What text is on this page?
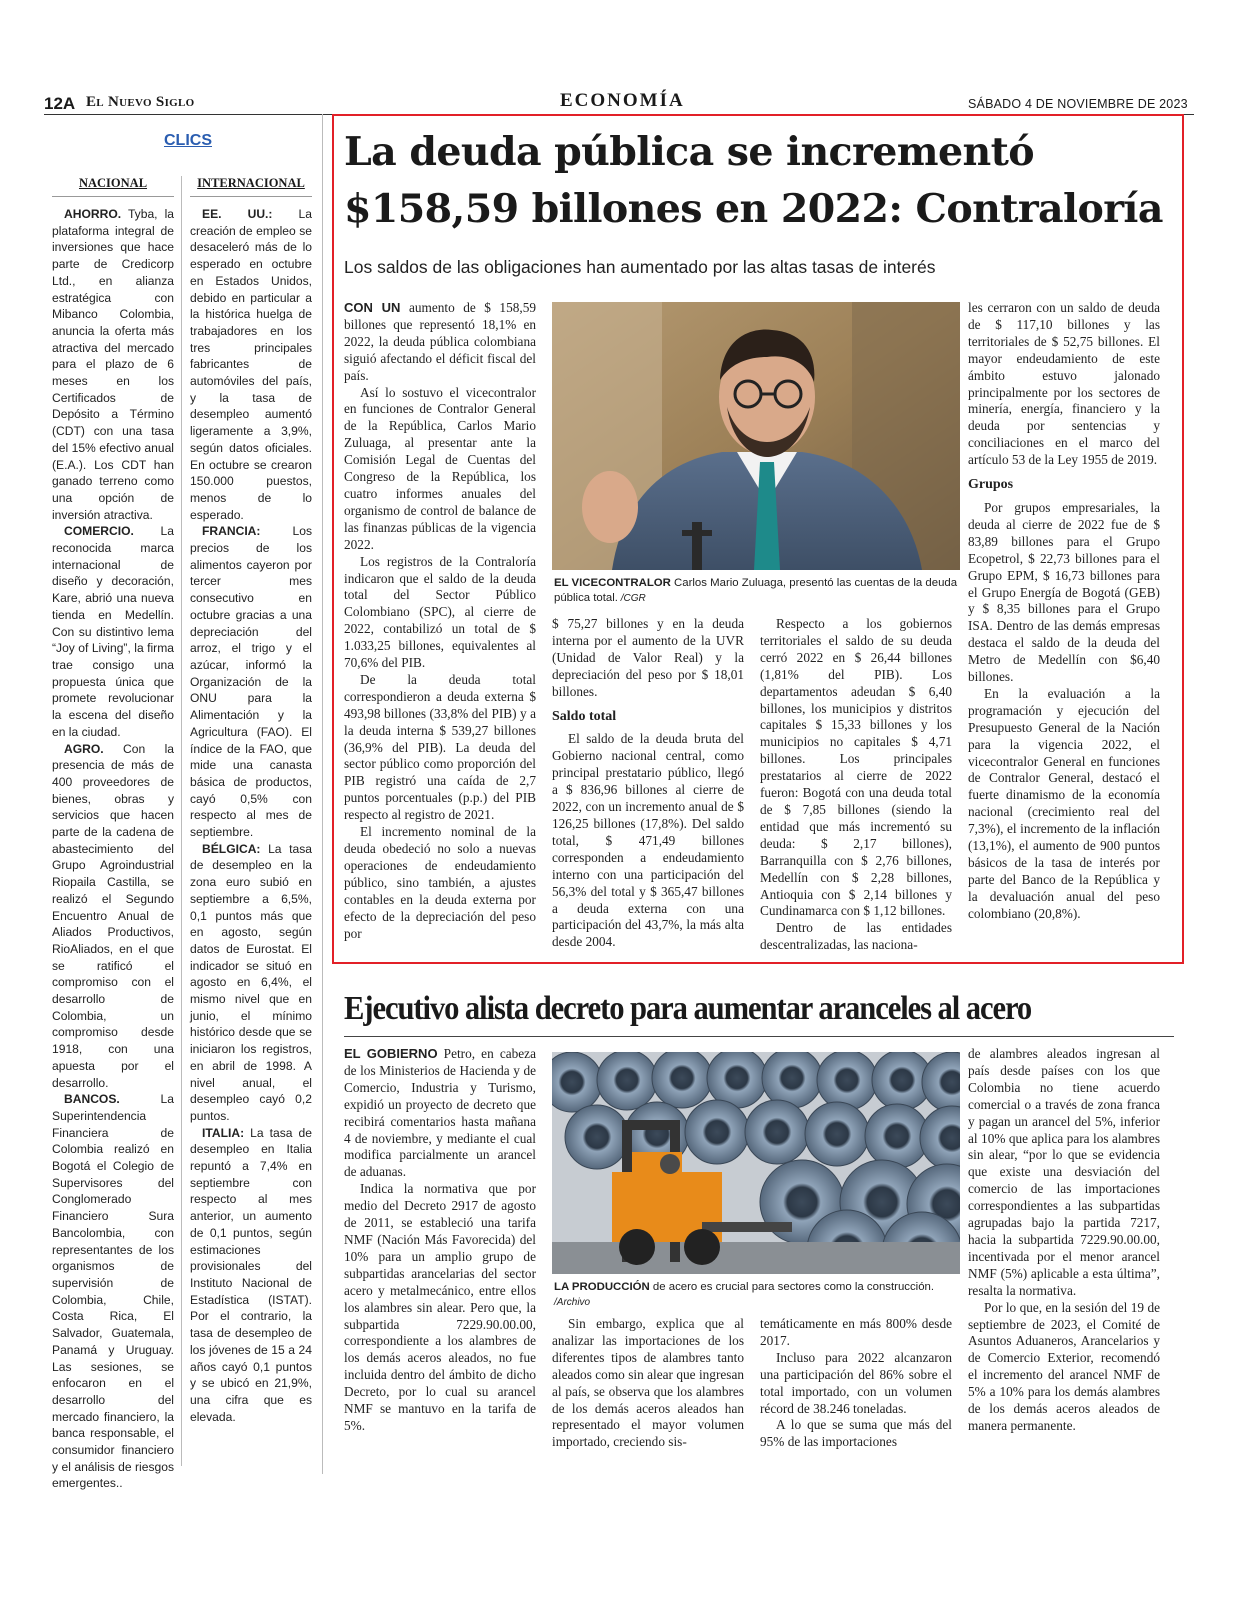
12A El Nuevo Siglo	ECONOMÍA	SÁBADO 4 DE NOVIEMBRE DE 2023
CLICS
NACIONAL	INTERNACIONAL

AHORRO. Tyba, la plataforma integral de inversiones que hace parte de Credicorp Ltd., en alianza estratégica con Mibanco Colombia, anuncia la oferta más atractiva del mercado para el plazo de 6 meses en los Certificados de Depósito a Término (CDT) con una tasa del 15% efectivo anual (E.A.). Los CDT han ganado terreno como una opción de inversión atractiva.

COMERCIO. La reconocida marca internacional de diseño y decoración, Kare, abrió una nueva tienda en Medellín. Con su distintivo lema “Joy of Living”, la firma trae consigo una propuesta única que promete revolucionar la escena del diseño en la ciudad.

AGRO. Con la presencia de más de 400 proveedores de bienes, obras y servicios que hacen parte de la cadena de abastecimiento del Grupo Agroindustrial Riopaila Castilla, se realizó el Segundo Encuentro Anual de Aliados Productivos, RioAliados, en el que se ratificó el compromiso con el desarrollo de Colombia, un compromiso desde 1918, con una apuesta por el desarrollo.

BANCOS. La Superintendencia Financiera de Colombia realizó en Bogotá el Colegio de Supervisores del Conglomerado Financiero Sura Bancolombia, con representantes de los organismos de supervisión de Colombia, Chile, Costa Rica, El Salvador, Guatemala, Panamá y Uruguay. Las sesiones, se enfocaron en el desarrollo del mercado financiero, la banca responsable, el consumidor financiero y el análisis de riesgos emergentes..

EE. UU.: La creación de empleo se desaceleró más de lo esperado en octubre en Estados Unidos, debido en particular a la histórica huelga de trabajadores en los tres principales fabricantes de automóviles del país, y la tasa de desempleo aumentó ligeramente a 3,9%, según datos oficiales. En octubre se crearon 150.000 puestos, menos de lo esperado.

FRANCIA: Los precios de los alimentos cayeron por tercer mes consecutivo en octubre gracias a una depreciación del arroz, el trigo y el azúcar, informó la Organización de la ONU para la Alimentación y la Agricultura (FAO). El índice de la FAO, que mide una canasta básica de productos, cayó 0,5% con respecto al mes de septiembre.

BÉLGICA: La tasa de desempleo en la zona euro subió en septiembre a 6,5%, 0,1 puntos más que en agosto, según datos de Eurostat. El indicador se situó en agosto en 6,4%, el mismo nivel que en junio, el mínimo histórico desde que se iniciaron los registros, en abril de 1998. A nivel anual, el desempleo cayó 0,2 puntos.

ITALIA: La tasa de desempleo en Italia repuntó a 7,4% en septiembre con respecto al mes anterior, un aumento de 0,1 puntos, según estimaciones provisionales del Instituto Nacional de Estadística (ISTAT). Por el contrario, la tasa de desempleo de los jóvenes de 15 a 24 años cayó 0,1 puntos y se ubicó en 21,9%, una cifra que es elevada.

La deuda pública se incrementó
$158,59 billones en 2022: Contraloría
Los saldos de las obligaciones han aumentado por las altas tasas de interés

CON UN aumento de $ 158,59 billones que representó 18,1% en 2022, la deuda pública colombiana siguió afectando el déficit fiscal del país.

Así lo sostuvo el vicecontralor en funciones de Contralor General de la República, Carlos Mario Zuluaga, al presentar ante la Comisión Legal de Cuentas del Congreso de la República, los cuatro informes anuales del organismo de control de balance de las finanzas públicas de la vigencia 2022.

Los registros de la Contraloría indicaron que el saldo de la deuda total del Sector Público Colombiano (SPC), al cierre de 2022, contabilizó un total de $ 1.033,25 billones, equivalentes al 70,6% del PIB.

De la deuda total correspondieron a deuda externa $ 493,98 billones (33,8% del PIB) y a la deuda interna $ 539,27 billones (36,9% del PIB). La deuda del sector público como proporción del PIB registró una caída de 2,7 puntos porcentuales (p.p.) del PIB respecto al registro de 2021.

El incremento nominal de la deuda obedeció no solo a nuevas operaciones de endeudamiento público, sino también, a ajustes contables en la deuda externa por efecto de la depreciación del peso por

EL VICECONTRALOR Carlos Mario Zuluaga, presentó las cuentas de la deuda pública total. /CGR

$ 75,27 billones y en la deuda interna por el aumento de la UVR (Unidad de Valor Real) y la depreciación del peso por $ 18,01 billones.

Saldo total

El saldo de la deuda bruta del Gobierno nacional central, como principal prestatario público, llegó a $ 836,96 billones al cierre de 2022, con un incremento anual de $ 126,25 billones (17,8%). Del saldo total, $ 471,49 billones corresponden a endeudamiento interno con una participación del 56,3% del total y $ 365,47 billones a deuda externa con una participación del 43,7%, la más alta desde 2004.

Respecto a los gobiernos territoriales el saldo de su deuda cerró 2022 en $ 26,44 billones (1,81% del PIB). Los departamentos adeudan $ 6,40 billones, los municipios y distritos capitales $ 15,33 billones y los municipios no capitales $ 4,71 billones. Los principales prestatarios al cierre de 2022 fueron: Bogotá con una deuda total de $ 7,85 billones (siendo la entidad que más incrementó su deuda: $ 2,17 billones), Barranquilla con $ 2,76 billones, Medellín con $ 2,28 billones, Antioquia con $ 2,14 billones y Cundinamarca con $ 1,12 billones.

Dentro de las entidades descentralizadas, las naciona-

les cerraron con un saldo de deuda de $ 117,10 billones y las territoriales de $ 52,75 billones. El mayor endeudamiento de este ámbito estuvo jalonado principalmente por los sectores de minería, energía, financiero y la deuda por sentencias y conciliaciones en el marco del artículo 53 de la Ley 1955 de 2019.

Grupos

Por grupos empresariales, la deuda al cierre de 2022 fue de $ 83,89 billones para el Grupo Ecopetrol, $ 22,73 billones para el Grupo EPM, $ 16,73 billones para el Grupo Energía de Bogotá (GEB) y $ 8,35 billones para el Grupo ISA. Dentro de las demás empresas destaca el saldo de la deuda del Metro de Medellín con $6,40 billones.

En la evaluación a la programación y ejecución del Presupuesto General de la Nación para la vigencia 2022, el vicecontralor General en funciones de Contralor General, destacó el fuerte dinamismo de la economía nacional (crecimiento real del 7,3%), el incremento de la inflación (13,1%), el aumento de 900 puntos básicos de la tasa de interés por parte del Banco de la República y la devaluación anual del peso colombiano (20,8%).

Ejecutivo alista decreto para aumentar aranceles al acero

EL GOBIERNO Petro, en cabeza de los Ministerios de Hacienda y de Comercio, Industria y Turismo, expidió un proyecto de decreto que recibirá comentarios hasta mañana 4 de noviembre, y mediante el cual modifica parcialmente un arancel de aduanas.

Indica la normativa que por medio del Decreto 2917 de agosto de 2011, se estableció una tarifa NMF (Nación Más Favorecida) del 10% para un amplio grupo de subpartidas arancelarias del sector acero y metalmecánico, entre ellos los alambres sin alear. Pero que, la subpartida 7229.90.00.00, correspondiente a los alambres de los demás aceros aleados, no fue incluida dentro del ámbito de dicho Decreto, por lo cual su arancel NMF se mantuvo en la tarifa de 5%.

LA PRODUCCIÓN de acero es crucial para sectores como la construcción. /Archivo

Sin embargo, explica que al analizar las importaciones de los diferentes tipos de alambres tanto aleados como sin alear que ingresan al país, se observa que los alambres de los demás aceros aleados han representado el mayor volumen importado, creciendo sis-

temáticamente en más 800% desde 2017.

Incluso para 2022 alcanzaron una participación del 86% sobre el total importado, con un volumen récord de 38.246 toneladas.

A lo que se suma que más del 95% de las importaciones

de alambres aleados ingresan al país desde países con los que Colombia no tiene acuerdo comercial o a través de zona franca y pagan un arancel del 5%, inferior al 10% que aplica para los alambres sin alear, “por lo que se evidencia que existe una desviación del comercio de las importaciones correspondientes a las subpartidas agrupadas bajo la partida 7217, hacia la subpartida 7229.90.00.00, incentivada por el menor arancel NMF (5%) aplicable a esta última”, resalta la normativa.

Por lo que, en la sesión del 19 de septiembre de 2023, el Comité de Asuntos Aduaneros, Arancelarios y de Comercio Exterior, recomendó el incremento del arancel NMF de 5% a 10% para los demás alambres de los demás aceros aleados de manera permanente.
